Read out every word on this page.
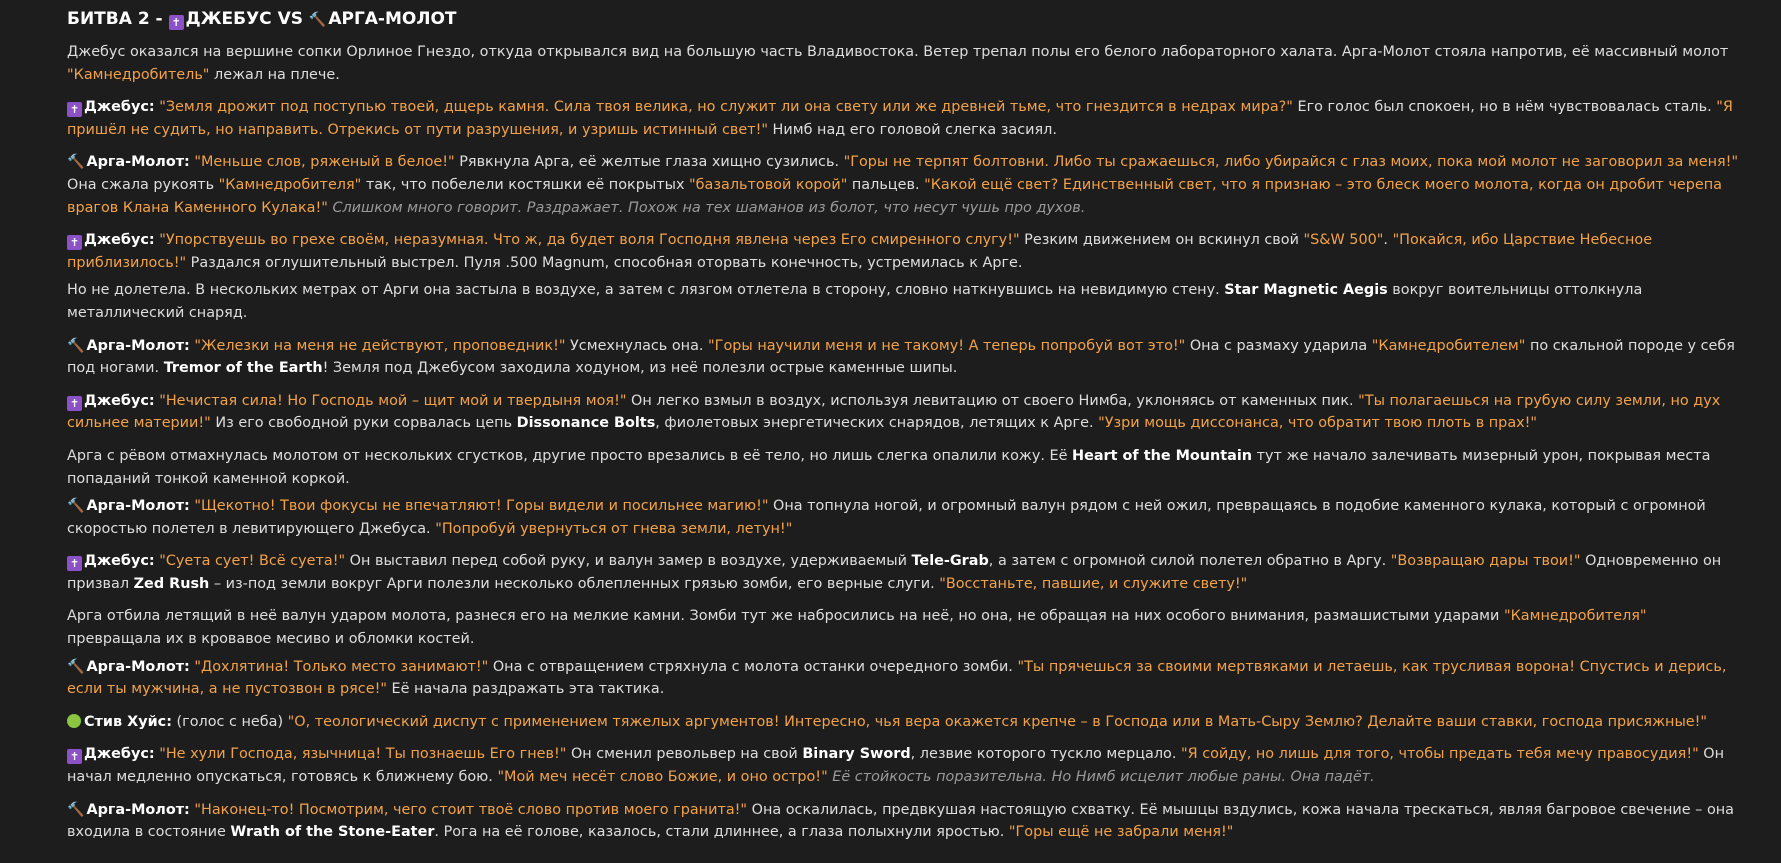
БИТВА 2 - ✝ ДЖЕБУС VS 🔨 АРГА-МОЛОТ

Джебус оказался на вершине сопки Орлиное Гнездо, откуда открывался вид на большую часть Владивостока. Ветер трепал полы его белого лабораторного халата. Арга-Молот стояла напротив, её массивный молот "Камнедробитель" лежал на плече.

✝ Джебус: "Земля дрожит под поступью твоей, дщерь камня. Сила твоя велика, но служит ли она свету или же древней тьме, что гнездится в недрах мира?" Его голос был спокоен, но в нём чувствовалась сталь. "Я пришёл не судить, но направить. Отрекись от пути разрушения, и узришь истинный свет!" Нимб над его головой слегка засиял.

🔨 Арга-Молот: "Меньше слов, ряженый в белое!" Рявкнула Арга, её желтые глаза хищно сузились. "Горы не терпят болтовни. Либо ты сражаешься, либо убирайся с глаз моих, пока мой молот не заговорил за меня!" Она сжала рукоять "Камнедробителя" так, что побелели костяшки её покрытых "базальтовой корой" пальцев. "Какой ещё свет? Единственный свет, что я признаю – это блеск моего молота, когда он дробит черепа врагов Клана Каменного Кулака!" Слишком много говорит. Раздражает. Похож на тех шаманов из болот, что несут чушь про духов.

✝ Джебус: "Упорствуешь во грехе своём, неразумная. Что ж, да будет воля Господня явлена через Его смиренного слугу!" Резким движением он вскинул свой "S&W 500". "Покайся, ибо Царствие Небесное приблизилось!" Раздался оглушительный выстрел. Пуля .500 Magnum, способная оторвать конечность, устремилась к Арге.

Но не долетела. В нескольких метрах от Арги она застыла в воздухе, а затем с лязгом отлетела в сторону, словно наткнувшись на невидимую стену. Star Magnetic Aegis вокруг воительницы оттолкнула металлический снаряд.

🔨 Арга-Молот: "Железки на меня не действуют, проповедник!" Усмехнулась она. "Горы научили меня и не такому! А теперь попробуй вот это!" Она с размаху ударила "Камнедробителем" по скальной породе у себя под ногами. Tremor of the Earth! Земля под Джебусом заходила ходуном, из неё полезли острые каменные шипы.

✝ Джебус: "Нечистая сила! Но Господь мой – щит мой и твердыня моя!" Он легко взмыл в воздух, используя левитацию от своего Нимба, уклоняясь от каменных пик. "Ты полагаешься на грубую силу земли, но дух сильнее материи!" Из его свободной руки сорвалась цепь Dissonance Bolts, фиолетовых энергетических снарядов, летящих к Арге. "Узри мощь диссонанса, что обратит твою плоть в прах!"

Арга с рёвом отмахнулась молотом от нескольких сгустков, другие просто врезались в её тело, но лишь слегка опалили кожу. Её Heart of the Mountain тут же начало залечивать мизерный урон, покрывая места попаданий тонкой каменной коркой.

🔨 Арга-Молот: "Щекотно! Твои фокусы не впечатляют! Горы видели и посильнее магию!" Она топнула ногой, и огромный валун рядом с ней ожил, превращаясь в подобие каменного кулака, который с огромной скоростью полетел в левитирующего Джебуса. "Попробуй увернуться от гнева земли, летун!"

✝ Джебус: "Суета сует! Всё суета!" Он выставил перед собой руку, и валун замер в воздухе, удерживаемый Tele-Grab, а затем с огромной силой полетел обратно в Аргу. "Возвращаю дары твои!" Одновременно он призвал Zed Rush – из-под земли вокруг Арги полезли несколько облепленных грязью зомби, его верные слуги. "Восстаньте, павшие, и служите свету!"

Арга отбила летящий в неё валун ударом молота, разнеся его на мелкие камни. Зомби тут же набросились на неё, но она, не обращая на них особого внимания, размашистыми ударами "Камнедробителя" превращала их в кровавое месиво и обломки костей.

🔨 Арга-Молот: "Дохлятина! Только место занимают!" Она с отвращением стряхнула с молота останки очередного зомби. "Ты прячешься за своими мертвяками и летаешь, как трусливая ворона! Спустись и дерись, если ты мужчина, а не пустозвон в рясе!" Её начала раздражать эта тактика.

Стив Хуйс: (голос с неба) "О, теологический диспут с применением тяжелых аргументов! Интересно, чья вера окажется крепче – в Господа или в Мать-Сыру Землю? Делайте ваши ставки, господа присяжные!"

✝ Джебус: "Не хули Господа, язычница! Ты познаешь Его гнев!" Он сменил револьвер на свой Binary Sword, лезвие которого тускло мерцало. "Я сойду, но лишь для того, чтобы предать тебя мечу правосудия!" Он начал медленно опускаться, готовясь к ближнему бою. "Мой меч несёт слово Божие, и оно остро!" Её стойкость поразительна. Но Нимб исцелит любые раны. Она падёт.

🔨 Арга-Молот: "Наконец-то! Посмотрим, чего стоит твоё слово против моего гранита!" Она оскалилась, предвкушая настоящую схватку. Её мышцы вздулись, кожа начала трескаться, являя багровое свечение – она входила в состояние Wrath of the Stone-Eater. Рога на её голове, казалось, стали длиннее, а глаза полыхнули яростью. "Горы ещё не забрали меня!"
